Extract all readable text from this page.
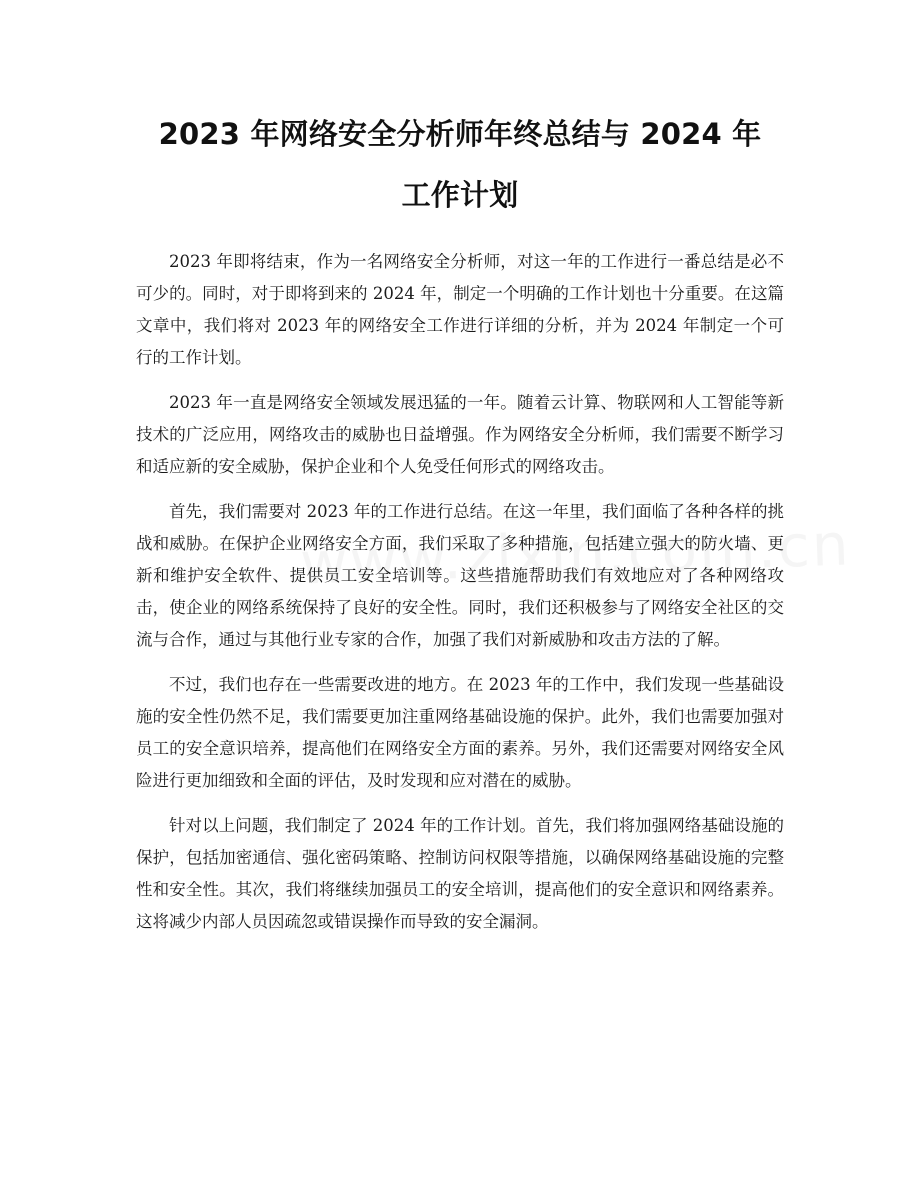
2023 年网络安全分析师年终总结与 2024 年
工作计划

2023 年即将结束，作为一名网络安全分析师，对这一年的工作进行一番总结是必不可少的。同时，对于即将到来的 2024 年，制定一个明确的工作计划也十分重要。在这篇文章中，我们将对 2023 年的网络安全工作进行详细的分析，并为 2024 年制定一个可行的工作计划。

2023 年一直是网络安全领域发展迅猛的一年。随着云计算、物联网和人工智能等新技术的广泛应用，网络攻击的威胁也日益增强。作为网络安全分析师，我们需要不断学习和适应新的安全威胁，保护企业和个人免受任何形式的网络攻击。

首先，我们需要对 2023 年的工作进行总结。在这一年里，我们面临了各种各样的挑战和威胁。在保护企业网络安全方面，我们采取了多种措施，包括建立强大的防火墙、更新和维护安全软件、提供员工安全培训等。这些措施帮助我们有效地应对了各种网络攻击，使企业的网络系统保持了良好的安全性。同时，我们还积极参与了网络安全社区的交流与合作，通过与其他行业专家的合作，加强了我们对新威胁和攻击方法的了解。

不过，我们也存在一些需要改进的地方。在 2023 年的工作中，我们发现一些基础设施的安全性仍然不足，我们需要更加注重网络基础设施的保护。此外，我们也需要加强对员工的安全意识培养，提高他们在网络安全方面的素养。另外，我们还需要对网络安全风险进行更加细致和全面的评估，及时发现和应对潜在的威胁。

针对以上问题，我们制定了 2024 年的工作计划。首先，我们将加强网络基础设施的保护，包括加密通信、强化密码策略、控制访问权限等措施，以确保网络基础设施的完整性和安全性。其次，我们将继续加强员工的安全培训，提高他们的安全意识和网络素养。这将减少内部人员因疏忽或错误操作而导致的安全漏洞。
